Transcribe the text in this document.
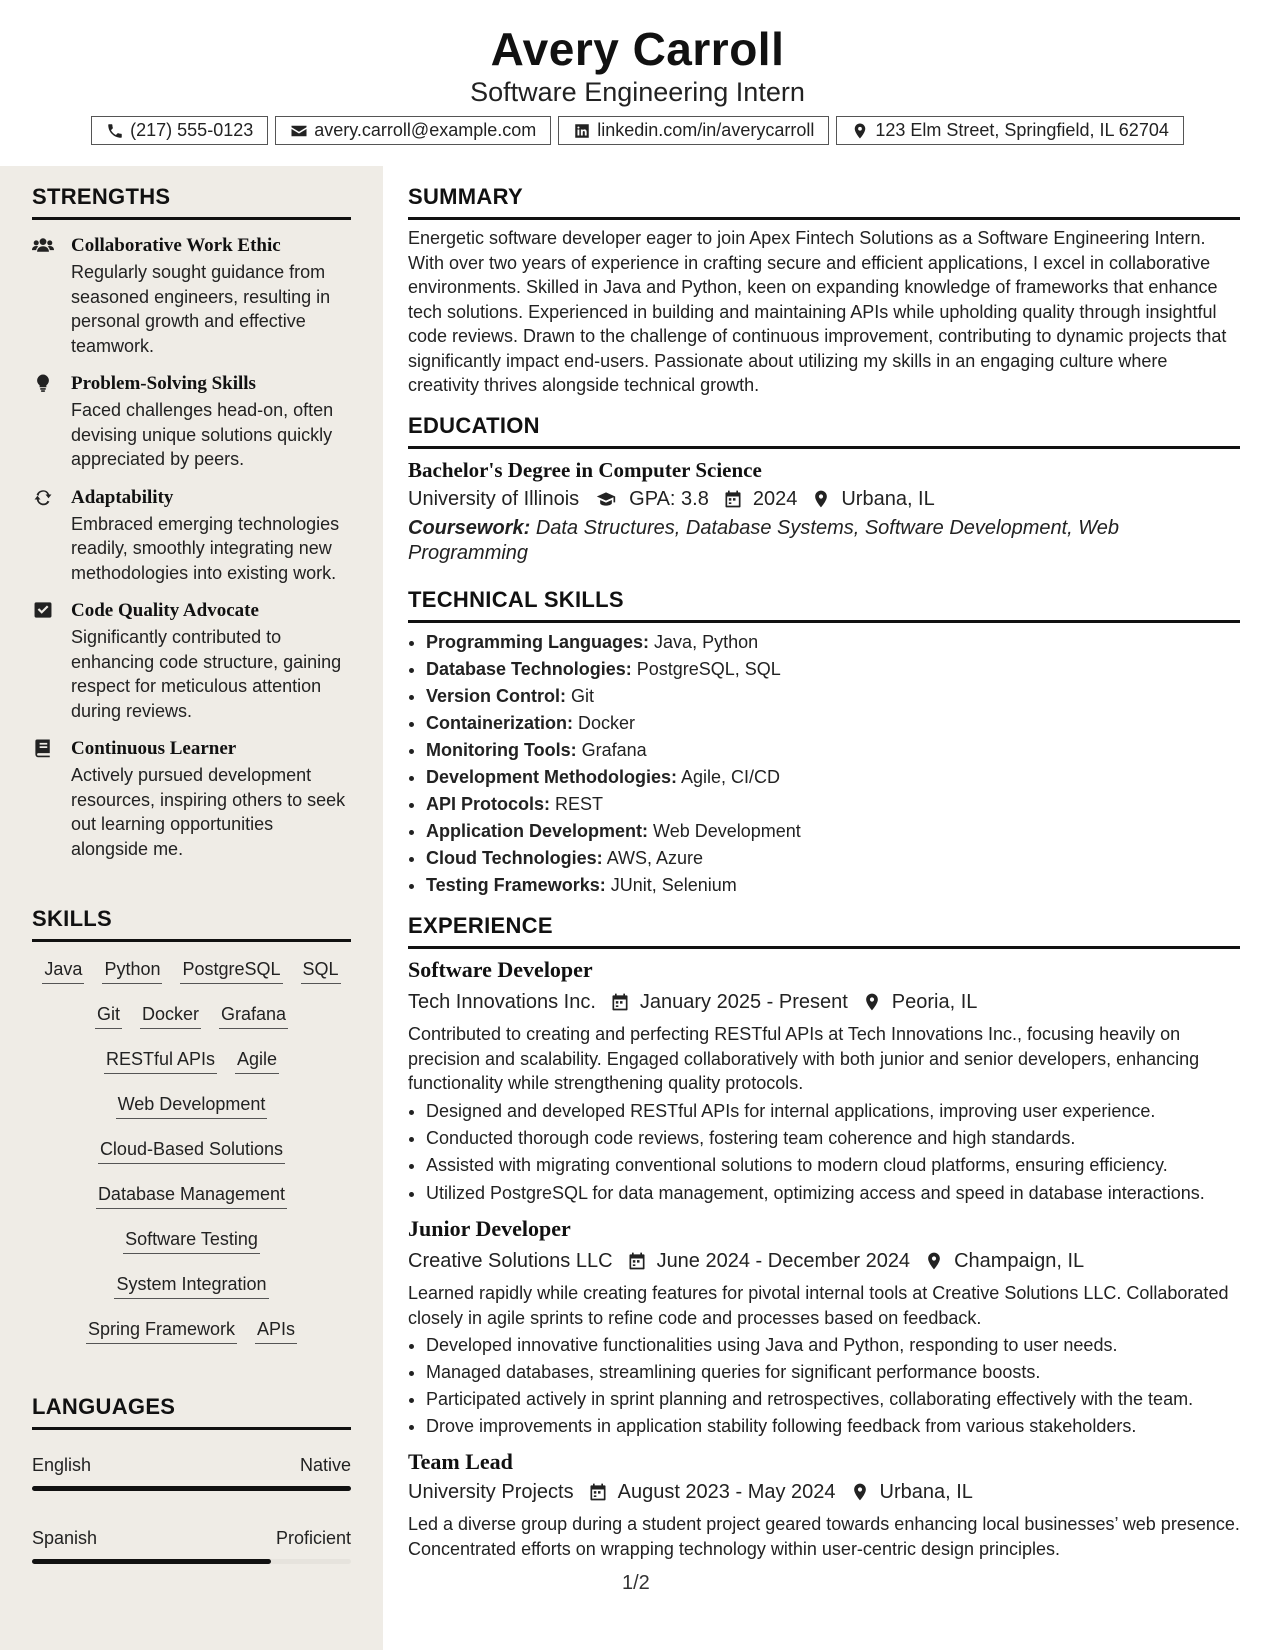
Avery Carroll
Software Engineering Intern
(217) 555-0123	avery.carroll@example.com	linkedin.com/in/averycarroll	123 Elm Street, Springfield, IL 62704
STRENGTHS
Collaborative Work Ethic
Regularly sought guidance from seasoned engineers, resulting in personal growth and effective teamwork.
Problem-Solving Skills
Faced challenges head-on, often devising unique solutions quickly appreciated by peers.
Adaptability
Embraced emerging technologies readily, smoothly integrating new methodologies into existing work.
Code Quality Advocate
Significantly contributed to enhancing code structure, gaining respect for meticulous attention during reviews.
Continuous Learner
Actively pursued development resources, inspiring others to seek out learning opportunities alongside me.
SKILLS
Java Python PostgreSQL SQL
Git Docker Grafana
RESTful APIs Agile
Web Development
Cloud-Based Solutions
Database Management
Software Testing
System Integration
Spring Framework APIs
LANGUAGES
English	Native
Spanish	Proficient
SUMMARY
Energetic software developer eager to join Apex Fintech Solutions as a Software Engineering Intern. With over two years of experience in crafting secure and efficient applications, I excel in collaborative environments. Skilled in Java and Python, keen on expanding knowledge of frameworks that enhance tech solutions. Experienced in building and maintaining APIs while upholding quality through insightful code reviews. Drawn to the challenge of continuous improvement, contributing to dynamic projects that significantly impact end-users. Passionate about utilizing my skills in an engaging culture where creativity thrives alongside technical growth.
EDUCATION
Bachelor's Degree in Computer Science
University of Illinois	GPA: 3.8 2024 Urbana, IL
Coursework: Data Structures, Database Systems, Software Development, Web Programming
TECHNICAL SKILLS
• Programming Languages: Java, Python
• Database Technologies: PostgreSQL, SQL
• Version Control: Git
• Containerization: Docker
• Monitoring Tools: Grafana
• Development Methodologies: Agile, CI/CD
• API Protocols: REST
• Application Development: Web Development
• Cloud Technologies: AWS, Azure
• Testing Frameworks: JUnit, Selenium
EXPERIENCE
Software Developer
Tech Innovations Inc. January 2025 - Present Peoria, IL
Contributed to creating and perfecting RESTful APIs at Tech Innovations Inc., focusing heavily on precision and scalability. Engaged collaboratively with both junior and senior developers, enhancing functionality while strengthening quality protocols.
• Designed and developed RESTful APIs for internal applications, improving user experience.
• Conducted thorough code reviews, fostering team coherence and high standards.
• Assisted with migrating conventional solutions to modern cloud platforms, ensuring efficiency.
• Utilized PostgreSQL for data management, optimizing access and speed in database interactions.
Junior Developer
Creative Solutions LLC June 2024 - December 2024 Champaign, IL
Learned rapidly while creating features for pivotal internal tools at Creative Solutions LLC. Collaborated closely in agile sprints to refine code and processes based on feedback.
• Developed innovative functionalities using Java and Python, responding to user needs.
• Managed databases, streamlining queries for significant performance boosts.
• Participated actively in sprint planning and retrospectives, collaborating effectively with the team.
• Drove improvements in application stability following feedback from various stakeholders.
Team Lead
University Projects August 2023 - May 2024 Urbana, IL
Led a diverse group during a student project geared towards enhancing local businesses’ web presence. Concentrated efforts on wrapping technology within user-centric design principles.
1/2
